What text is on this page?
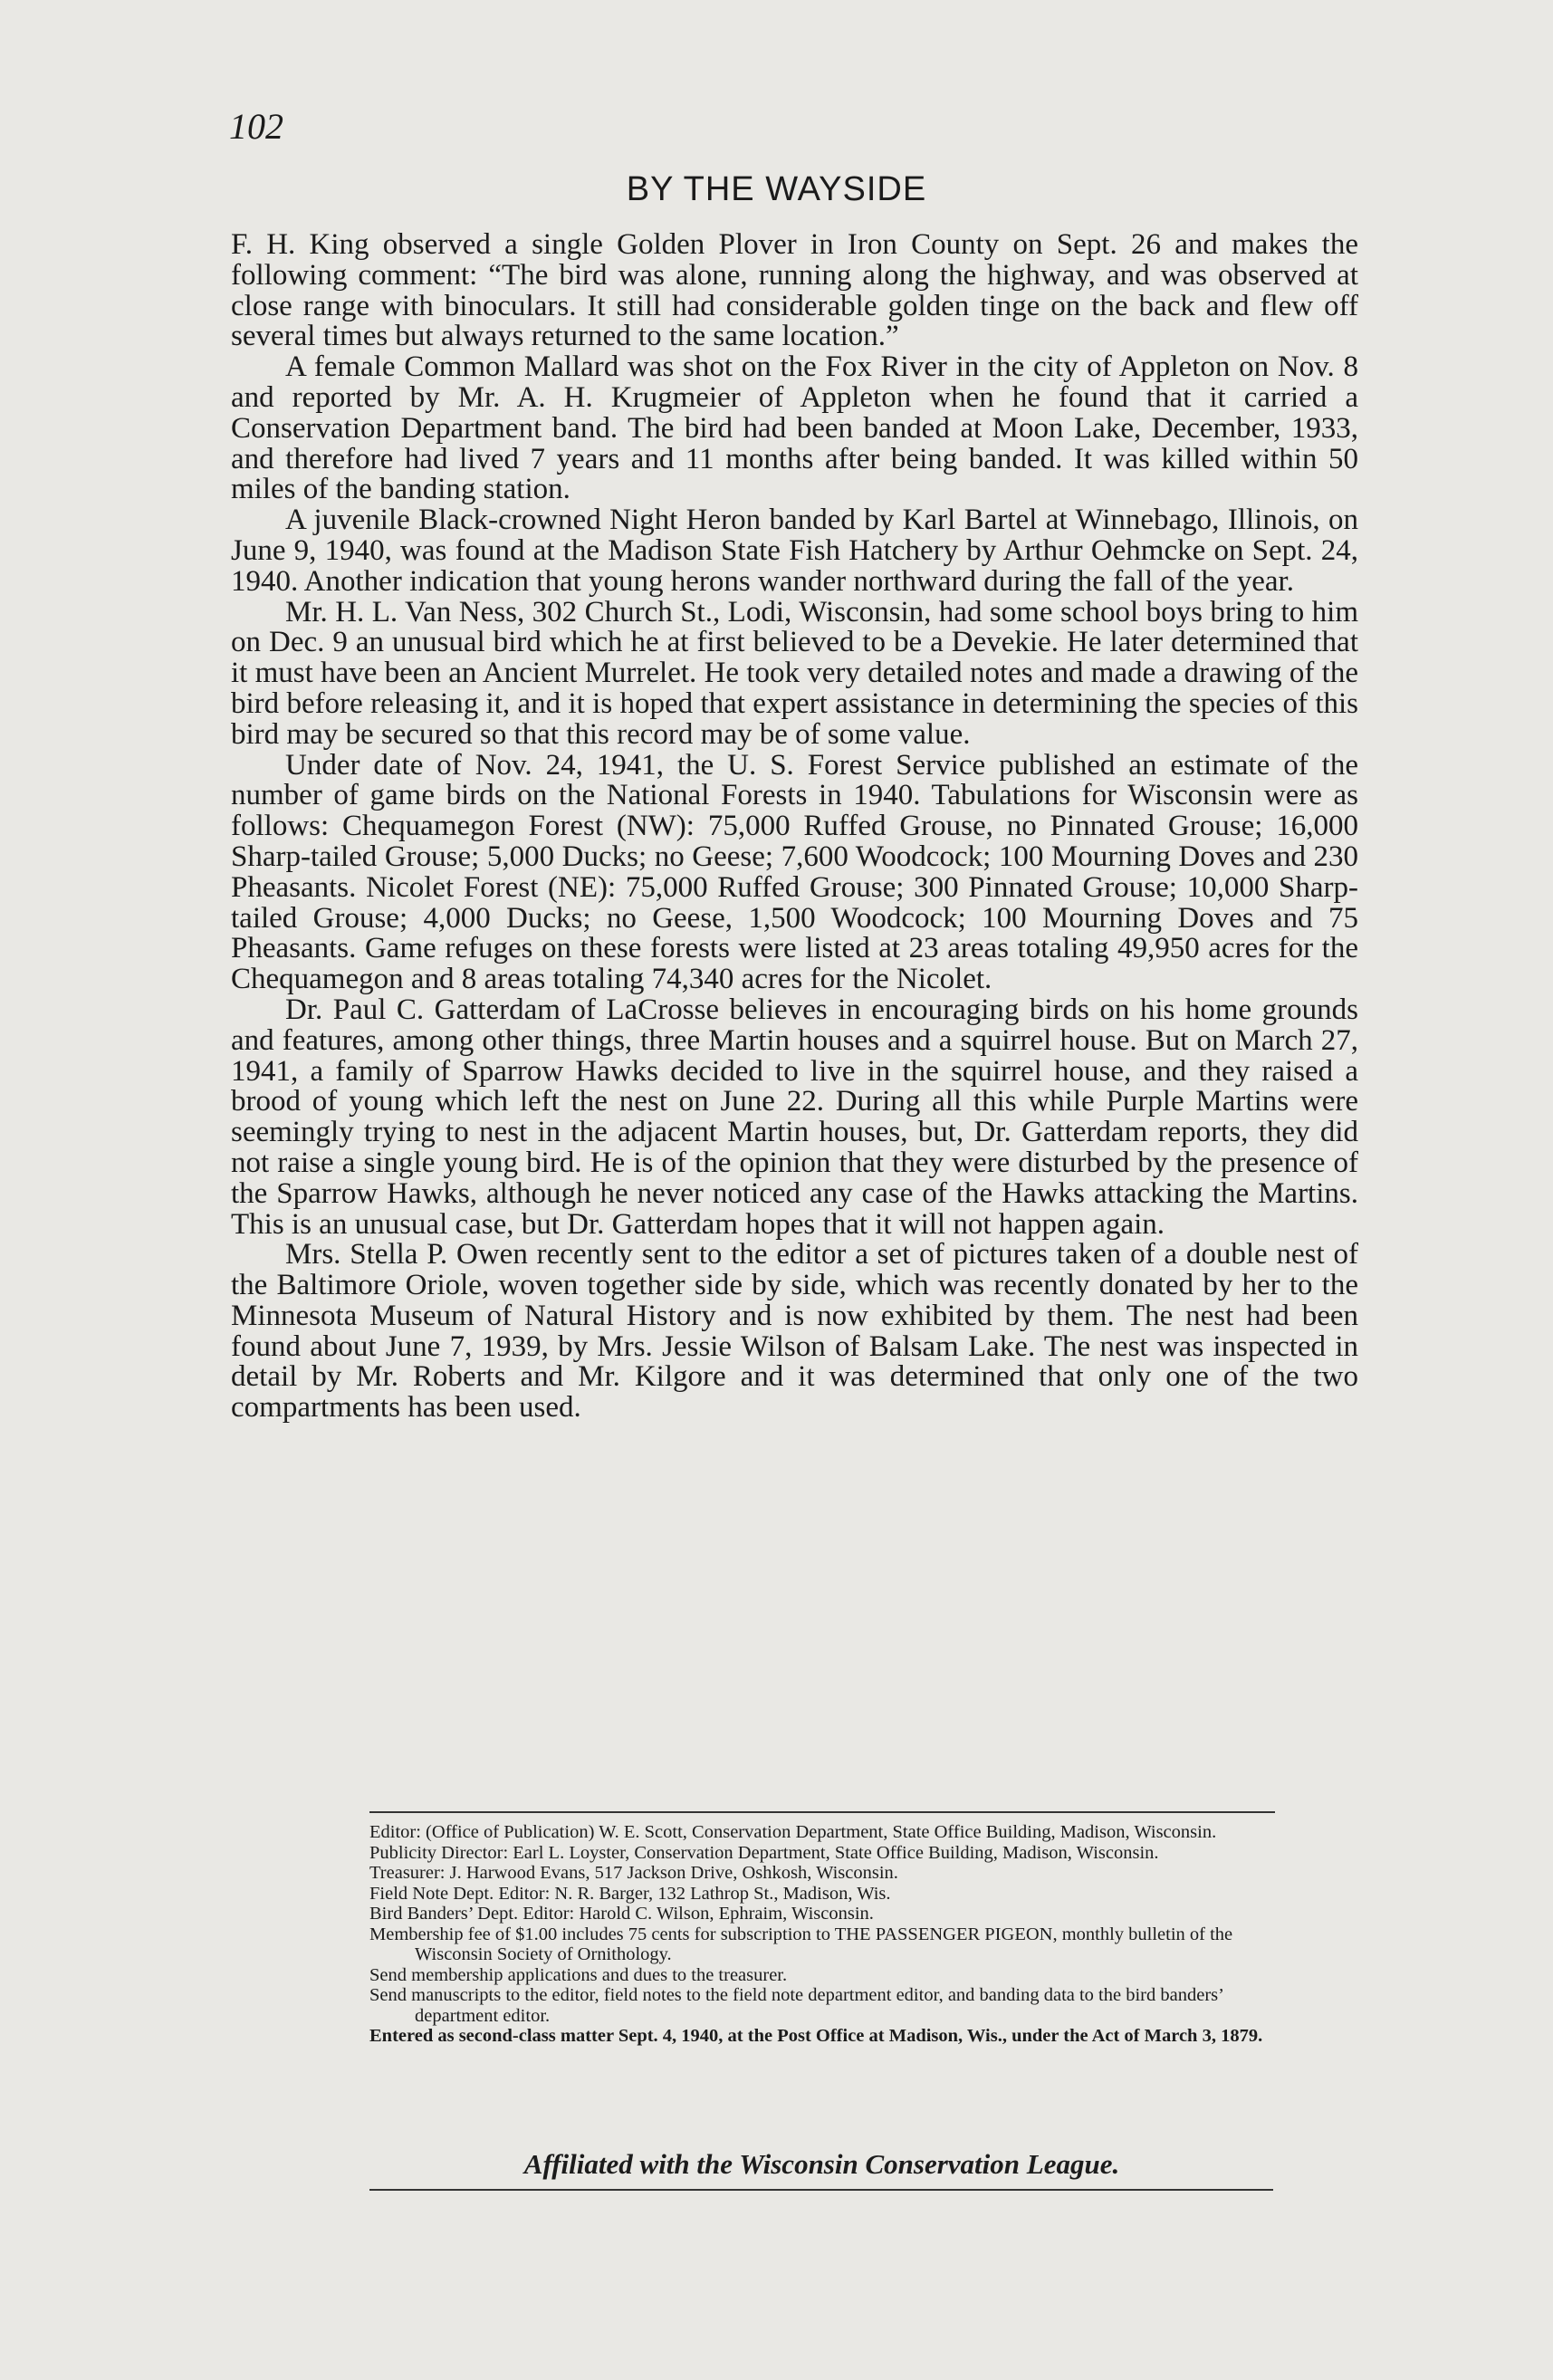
102
BY THE WAYSIDE

F. H. King observed a single Golden Plover in Iron County on Sept. 26 and makes the following comment: “The bird was alone, running along the highway, and was observed at close range with binoculars. It still had considerable golden tinge on the back and flew off several times but always returned to the same location.”

A female Common Mallard was shot on the Fox River in the city of Appleton on Nov. 8 and reported by Mr. A. H. Krugmeier of Appleton when he found that it carried a Conservation Department band. The bird had been banded at Moon Lake, December, 1933, and therefore had lived 7 years and 11 months after being banded. It was killed within 50 miles of the banding station.

A juvenile Black-crowned Night Heron banded by Karl Bartel at Winnebago, Illinois, on June 9, 1940, was found at the Madison State Fish Hatchery by Arthur Oehmcke on Sept. 24, 1940. Another indication that young herons wander northward during the fall of the year.

Mr. H. L. Van Ness, 302 Church St., Lodi, Wisconsin, had some school boys bring to him on Dec. 9 an unusual bird which he at first believed to be a Devekie. He later determined that it must have been an Ancient Murrelet. He took very detailed notes and made a drawing of the bird before releasing it, and it is hoped that expert assistance in determining the species of this bird may be secured so that this record may be of some value.

Under date of Nov. 24, 1941, the U. S. Forest Service published an estimate of the number of game birds on the National Forests in 1940. Tabulations for Wisconsin were as follows: Chequamegon Forest (NW): 75,000 Ruffed Grouse, no Pinnated Grouse; 16,000 Sharp-tailed Grouse; 5,000 Ducks; no Geese; 7,600 Woodcock; 100 Mourning Doves and 230 Pheasants. Nicolet Forest (NE): 75,000 Ruffed Grouse; 300 Pinnated Grouse; 10,000 Sharp-tailed Grouse; 4,000 Ducks; no Geese, 1,500 Woodcock; 100 Mourning Doves and 75 Pheasants. Game refuges on these forests were listed at 23 areas totaling 49,950 acres for the Chequamegon and 8 areas totaling 74,340 acres for the Nicolet.

Dr. Paul C. Gatterdam of LaCrosse believes in encouraging birds on his home grounds and features, among other things, three Martin houses and a squirrel house. But on March 27, 1941, a family of Sparrow Hawks decided to live in the squirrel house, and they raised a brood of young which left the nest on June 22. During all this while Purple Martins were seemingly trying to nest in the adjacent Martin houses, but, Dr. Gatterdam reports, they did not raise a single young bird. He is of the opinion that they were disturbed by the presence of the Sparrow Hawks, although he never noticed any case of the Hawks attacking the Martins. This is an unusual case, but Dr. Gatterdam hopes that it will not happen again.

Mrs. Stella P. Owen recently sent to the editor a set of pictures taken of a double nest of the Baltimore Oriole, woven together side by side, which was recently donated by her to the Minnesota Museum of Natural History and is now exhibited by them. The nest had been found about June 7, 1939, by Mrs. Jessie Wilson of Balsam Lake. The nest was inspected in detail by Mr. Roberts and Mr. Kilgore and it was determined that only one of the two compartments has been used.

Editor: (Office of Publication) W. E. Scott, Conservation Department, State Office Building, Madison, Wisconsin.

Publicity Director: Earl L. Loyster, Conservation Department, State Office Building, Madison, Wisconsin.

Treasurer: J. Harwood Evans, 517 Jackson Drive, Oshkosh, Wisconsin.

Field Note Dept. Editor: N. R. Barger, 132 Lathrop St., Madison, Wis.

Bird Banders’ Dept. Editor: Harold C. Wilson, Ephraim, Wisconsin.

Membership fee of $1.00 includes 75 cents for subscription to THE PASSENGER PIGEON, monthly bulletin of the Wisconsin Society of Ornithology.

Send membership applications and dues to the treasurer.

Send manuscripts to the editor, field notes to the field note department editor, and banding data to the bird banders’ department editor.

Entered as second-class matter Sept. 4, 1940, at the Post Office at Madison, Wis., under the Act of March 3, 1879.

Affiliated with the Wisconsin Conservation League.
